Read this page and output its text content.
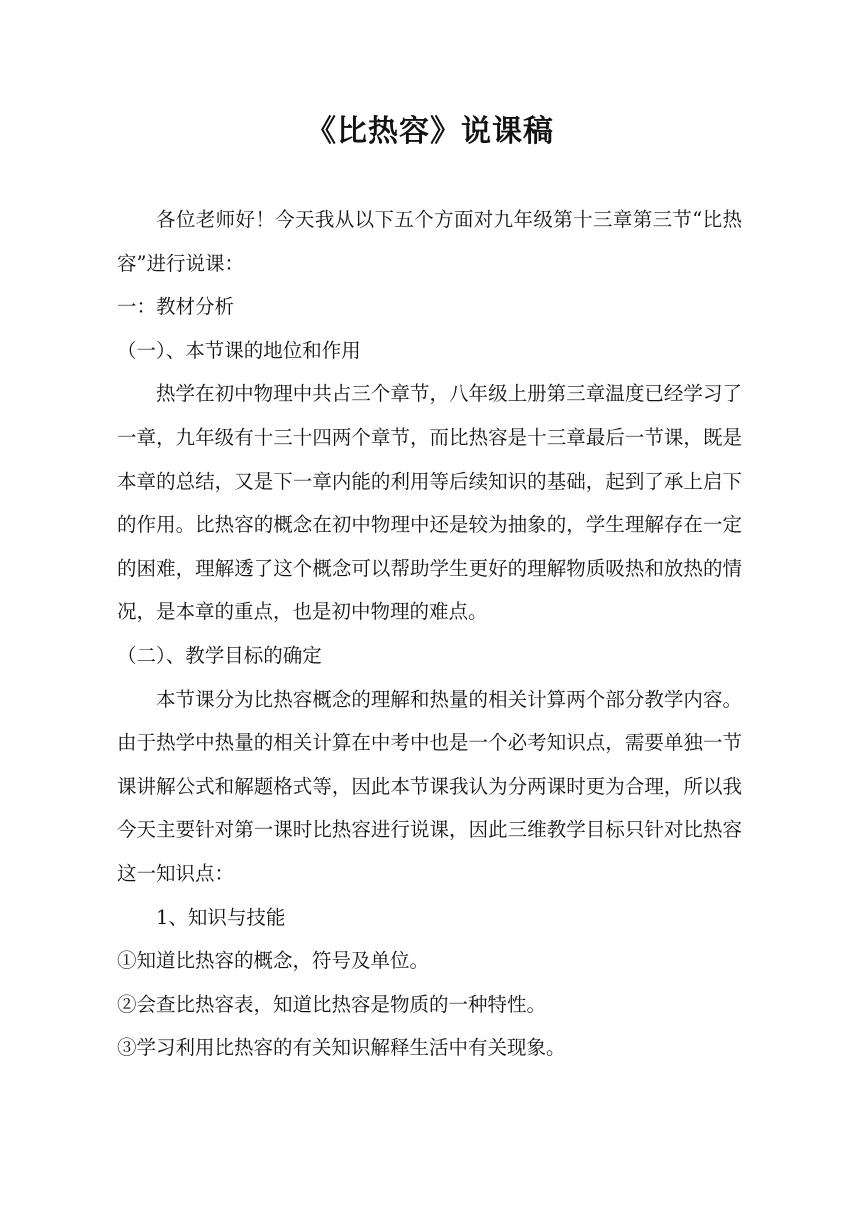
《比热容》说课稿

各位老师好！今天我从以下五个方面对九年级第十三章第三节“比热容”进行说课：

一：教材分析

（一）、本节课的地位和作用

热学在初中物理中共占三个章节，八年级上册第三章温度已经学习了一章，九年级有十三十四两个章节，而比热容是十三章最后一节课，既是本章的总结，又是下一章内能的利用等后续知识的基础，起到了承上启下的作用。比热容的概念在初中物理中还是较为抽象的，学生理解存在一定的困难，理解透了这个概念可以帮助学生更好的理解物质吸热和放热的情况，是本章的重点，也是初中物理的难点。

（二）、教学目标的确定

本节课分为比热容概念的理解和热量的相关计算两个部分教学内容。由于热学中热量的相关计算在中考中也是一个必考知识点，需要单独一节课讲解公式和解题格式等，因此本节课我认为分两课时更为合理，所以我今天主要针对第一课时比热容进行说课，因此三维教学目标只针对比热容这一知识点：

1、知识与技能

①知道比热容的概念，符号及单位。

②会查比热容表，知道比热容是物质的一种特性。

③学习利用比热容的有关知识解释生活中有关现象。
